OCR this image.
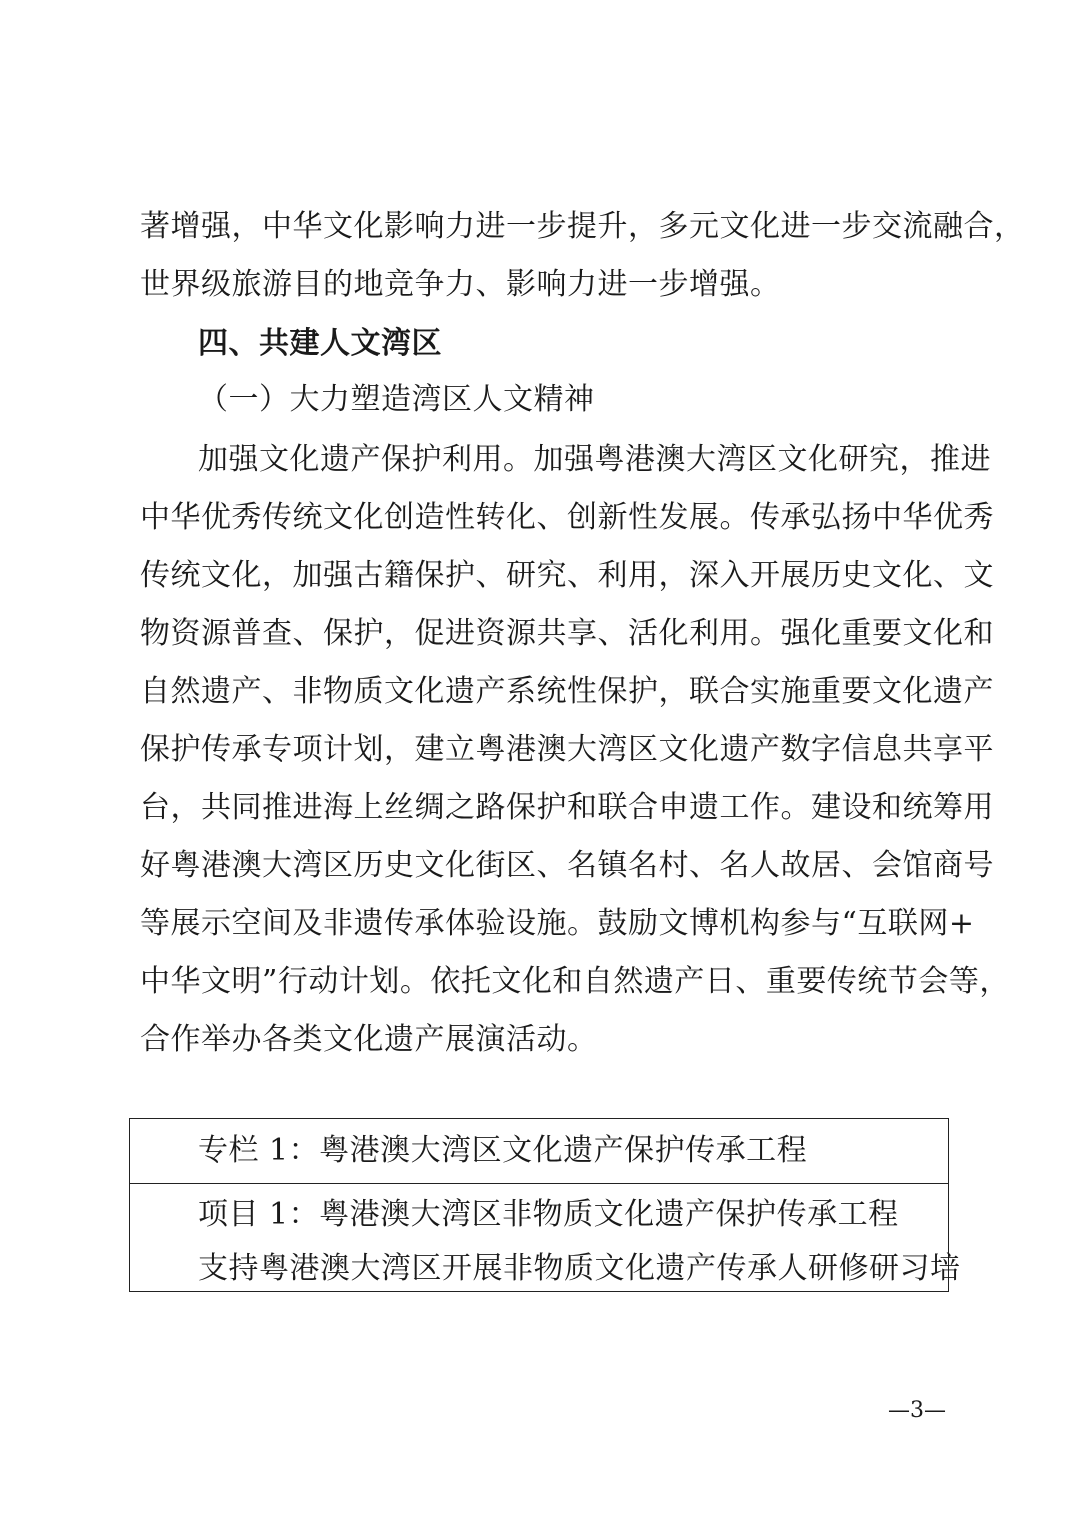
著增强，中华文化影响力进一步提升，多元文化进一步交流融合，
世界级旅游目的地竞争力、影响力进一步增强。
四、共建人文湾区
（一）大力塑造湾区人文精神
加强文化遗产保护利用。加强粤港澳大湾区文化研究，推进
中华优秀传统文化创造性转化、创新性发展。传承弘扬中华优秀
传统文化，加强古籍保护、研究、利用，深入开展历史文化、文
物资源普查、保护，促进资源共享、活化利用。强化重要文化和
自然遗产、非物质文化遗产系统性保护，联合实施重要文化遗产
保护传承专项计划，建立粤港澳大湾区文化遗产数字信息共享平
台，共同推进海上丝绸之路保护和联合申遗工作。建设和统筹用
好粤港澳大湾区历史文化街区、名镇名村、名人故居、会馆商号
等展示空间及非遗传承体验设施。鼓励文博机构参与“互联网+
中华文明”行动计划。依托文化和自然遗产日、重要传统节会等，
合作举办各类文化遗产展演活动。
专栏 1：粤港澳大湾区文化遗产保护传承工程
项目 1：粤港澳大湾区非物质文化遗产保护传承工程
支持粤港澳大湾区开展非物质文化遗产传承人研修研习培
—3—
